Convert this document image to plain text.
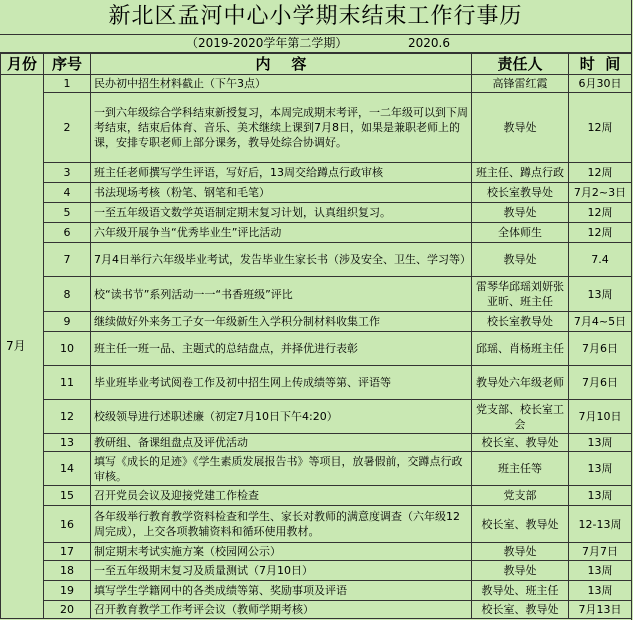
新北区孟河中心小学期末结束工作行事历
（2019-2020学年第二学期）	2020.6
月份	序号	内    容	责任人	时  间
7月	1	民办初中招生材料截止（下午3点）	高锋雷红霞	6月30日
	2	一到六年级综合学科结束新授复习，本周完成期末考评，一二年级可以到下周考结束，结束后体育、音乐、美术继续上课到7月8日，如果是兼职老师上的课，安排专职老师上部分课务，教导处综合协调好。	教导处	12周
	3	班主任老师撰写学生评语，写好后，13周交给蹲点行政审核	班主任、蹲点行政	12周
	4	书法现场考核（粉笔、钢笔和毛笔）	校长室教导处	7月2~3日
	5	一至五年级语文数学英语制定期末复习计划，认真组织复习。	教导处	12周
	6	六年级开展争当“优秀毕业生”评比活动	全体师生	12周
	7	7月4日举行六年级毕业考试，发告毕业生家长书（涉及安全、卫生、学习等）	教导处	7.4
	8	校“读书节”系列活动一一“书香班级”评比	雷琴华邱瑶刘妍张亚昕、班主任	13周
	9	继续做好外来务工子女一年级新生入学积分制材料收集工作	校长室教导处	7月4~5日
	10	班主任一班一品、主题式的总结盘点，并择优进行表彰	邱瑶、肖杨班主任	7月6日
	11	毕业班毕业考试阅卷工作及初中招生网上传成绩等第、评语等	教导处六年级老师	7月6日
	12	校级领导进行述职述廉（初定7月10日下午4:20）	党支部、校长室工会	7月10日
	13	教研组、备课组盘点及评优活动	校长室、教导处	13周
	14	填写《成长的足迹》《学生素质发展报告书》等项目，放暑假前，交蹲点行政审核。	班主任等	13周
	15	召开党员会议及迎接党建工作检查	党支部	13周
	16	各年级举行教育教学资料检查和学生、家长对教师的满意度调查（六年级12周完成），上交各项教辅资料和循环使用教材。	校长室、教导处	12-13周
	17	制定期末考试实施方案（校园网公示）	教导处	7月7日
	18	一至五年级期末复习及质量测试（7月10日）	教导处	13周
	19	填写学生学籍网中的各类成绩等第、奖励事项及评语	教导处、班主任	13周
	20	召开教育教学工作考评会议（教师学期考核）	校长室、教导处	7月13日
